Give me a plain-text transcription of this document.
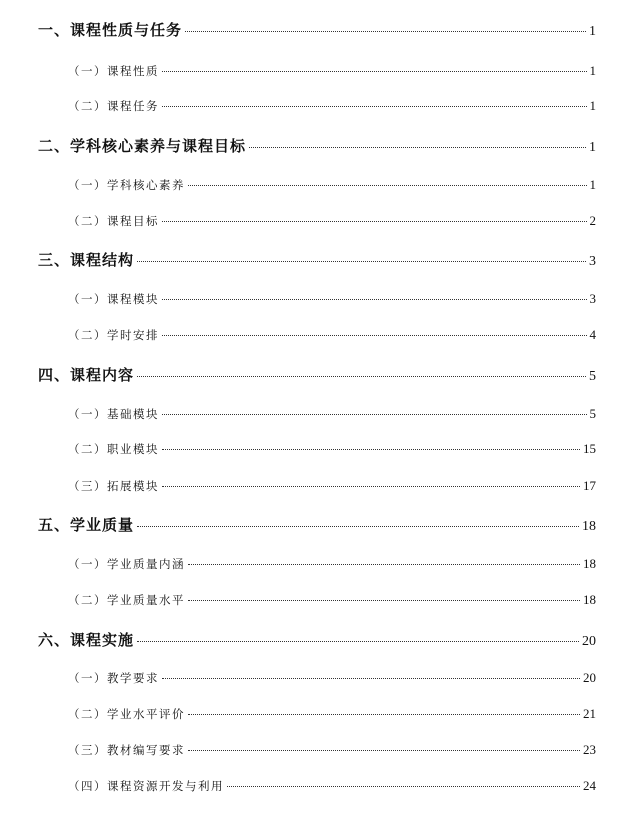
一、课程性质与任务	1
（一）课程性质	1
（二）课程任务	1
二、学科核心素养与课程目标	1
（一）学科核心素养	1
（二）课程目标	2
三、课程结构	3
（一）课程模块	3
（二）学时安排	4
四、课程内容	5
（一）基础模块	5
（二）职业模块	15
（三）拓展模块	17
五、学业质量	18
（一）学业质量内涵	18
（二）学业质量水平	18
六、课程实施	20
（一）教学要求	20
（二）学业水平评价	21
（三）教材编写要求	23
（四）课程资源开发与利用	24
